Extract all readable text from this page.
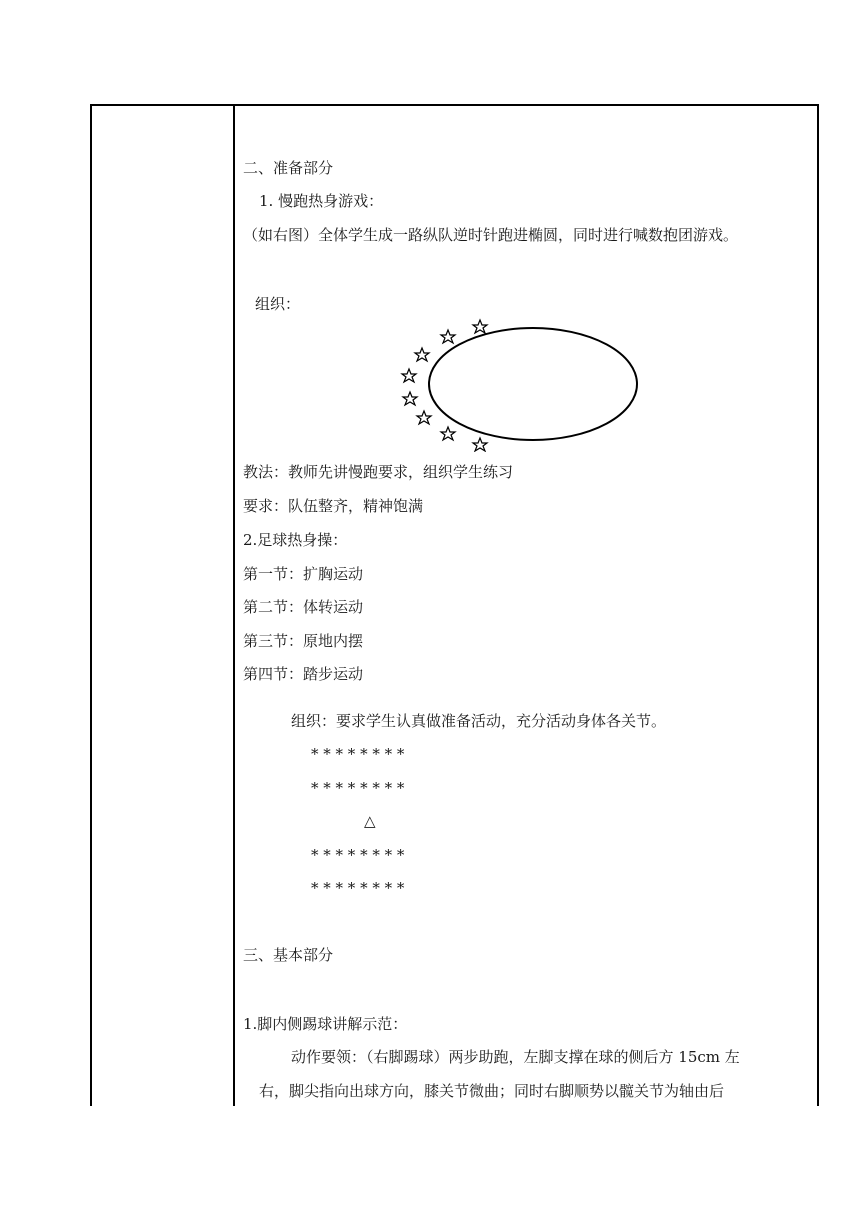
二、准备部分
1. 慢跑热身游戏：
（如右图）全体学生成一路纵队逆时针跑进椭圆，同时进行喊数抱团游戏。
组织：
教法：教师先讲慢跑要求，组织学生练习
要求：队伍整齐，精神饱满
2.足球热身操：
第一节：扩胸运动
第二节：体转运动
第三节：原地内摆
第四节：踏步运动
组织：要求学生认真做准备活动，充分活动身体各关节。
* * * * * * * *
* * * * * * * *
△
* * * * * * * *
* * * * * * * *
三、基本部分
1.脚内侧踢球讲解示范：
动作要领：（右脚踢球）两步助跑，左脚支撑在球的侧后方 15cm 左
右，脚尖指向出球方向，膝关节微曲；同时右脚顺势以髋关节为轴由后
